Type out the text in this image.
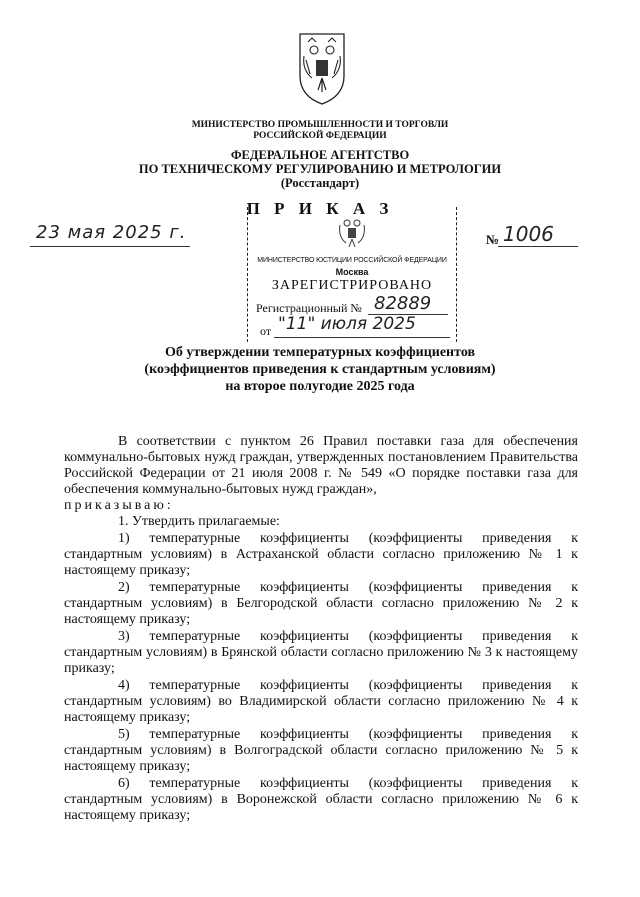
МИНИСТЕРСТВО ПРОМЫШЛЕННОСТИ И ТОРГОВЛИ
РОССИЙСКОЙ ФЕДЕРАЦИИ
ФЕДЕРАЛЬНОЕ АГЕНТСТВО
ПО ТЕХНИЧЕСКОМУ РЕГУЛИРОВАНИЮ И МЕТРОЛОГИИ
(Росстандарт)
П Р И К А З
23 мая 2025 г.	№ 1006
МИНИСТЕРСТВО ЮСТИЦИИ РОССИЙСКОЙ ФЕДЕРАЦИИ
Москва
ЗАРЕГИСТРИРОВАНО
Регистрационный № 82889
от "11" июля 2025
Об утверждении температурных коэффициентов
(коэффициентов приведения к стандартным условиям)
на второе полугодие 2025 года

В соответствии с пунктом 26 Правил поставки газа для обеспечения коммунально-бытовых нужд граждан, утвержденных постановлением Правительства Российской Федерации от 21 июля 2008 г. № 549 «О порядке поставки газа для обеспечения коммунально-бытовых нужд граждан»,

приказываю:

1. Утвердить прилагаемые:

1) температурные коэффициенты (коэффициенты приведения к стандартным условиям) в Астраханской области согласно приложению № 1 к настоящему приказу;

2) температурные коэффициенты (коэффициенты приведения к стандартным условиям) в Белгородской области согласно приложению № 2 к настоящему приказу;

3) температурные коэффициенты (коэффициенты приведения к стандартным условиям) в Брянской области согласно приложению № 3 к настоящему приказу;

4) температурные коэффициенты (коэффициенты приведения к стандартным условиям) во Владимирской области согласно приложению № 4 к настоящему приказу;

5) температурные коэффициенты (коэффициенты приведения к стандартным условиям) в Волгоградской области согласно приложению № 5 к настоящему приказу;

6) температурные коэффициенты (коэффициенты приведения к стандартным условиям) в Воронежской области согласно приложению № 6 к настоящему приказу;
